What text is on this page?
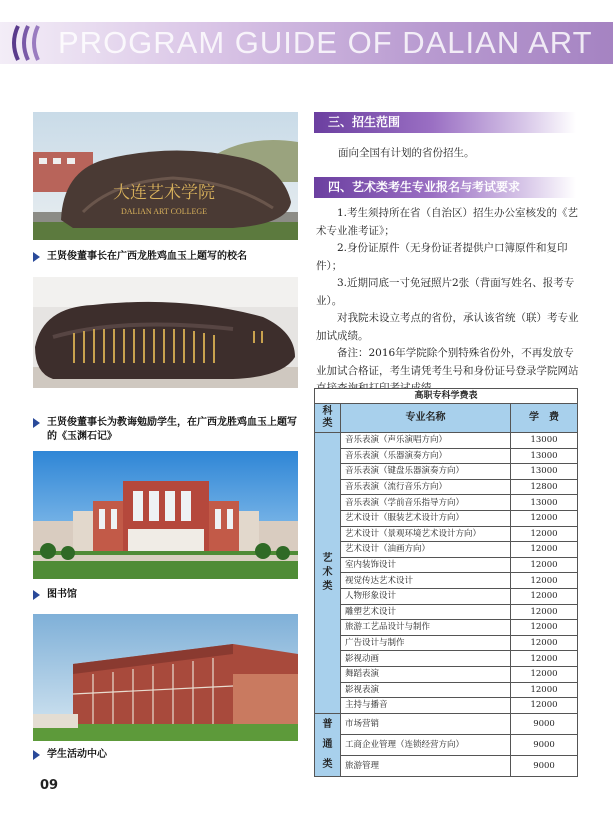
PROGRAM GUIDE OF DALIAN ART
大连艺术学院
DALIAN ART COLLEGE
王贤俊董事长在广西龙胜鸡血玉上题写的校名
王贤俊董事长为教诲勉励学生，在广西龙胜鸡血玉上题写的《玉渊石记》
图书馆
学生活动中心
三、招生范围
面向全国有计划的省份招生。
四、艺术类考生专业报名与考试要求

1.考生须持所在省（自治区）招生办公室核发的《艺术专业准考证》；

2.身份证原件（无身份证者提供户口簿原件和复印件）；

3.近期同底一寸免冠照片2张（背面写姓名、报考专业）。

对我院未设立考点的省份，承认该省统（联）考专业加试成绩。

备注：2016年学院除个别特殊省份外，不再发放专业加试合格证，考生请凭考生号和身份证号登录学院网站

高职专科学费表		
科类	专业名称	学　费
艺术类	音乐表演（声乐演唱方向）	13000
	音乐表演（乐器演奏方向）	13000
	音乐表演（键盘乐器演奏方向）	13000
	音乐表演（流行音乐方向）	12800
	音乐表演（学前音乐指导方向）	13000
	艺术设计（服装艺术设计方向）	12000
	艺术设计（景观环境艺术设计方向）	12000
	艺术设计（油画方向）	12000
	室内装饰设计	12000
	视觉传达艺术设计	12000
	人物形象设计	12000
	雕塑艺术设计	12000
	旅游工艺品设计与制作	12000
	广告设计与制作	12000
	影视动画	12000
	舞蹈表演	12000
	影视表演	12000
	主持与播音	12000
普通类	市场营销	9000
	工商企业管理（连锁经营方向）	9000
	旅游管理	9000
09
